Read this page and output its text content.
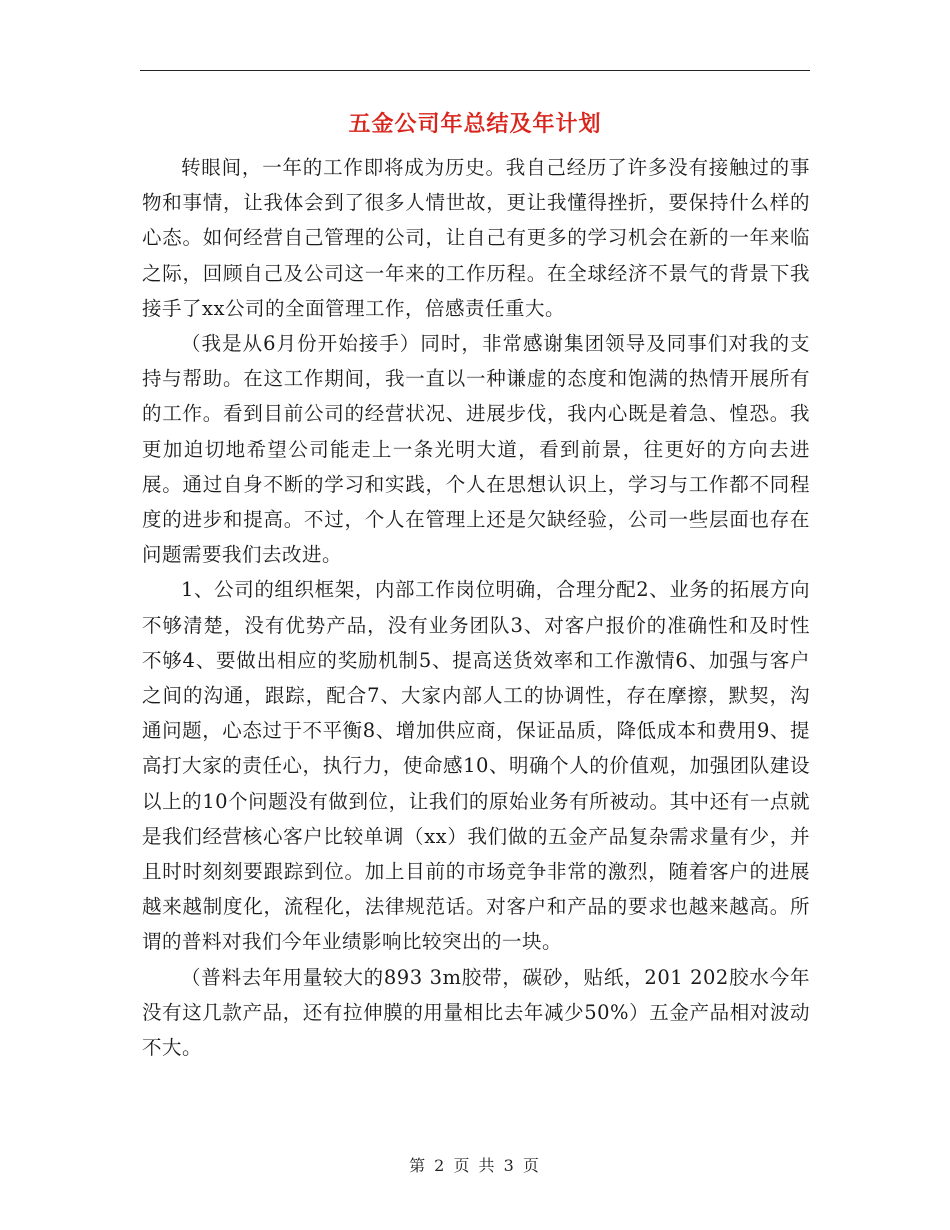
五金公司年总结及年计划

转眼间，一年的工作即将成为历史。我自己经历了许多没有接触过的事物和事情，让我体会到了很多人情世故，更让我懂得挫折，要保持什么样的心态。如何经营自己管理的公司，让自己有更多的学习机会在新的一年来临之际，回顾自己及公司这一年来的工作历程。在全球经济不景气的背景下我接手了xx公司的全面管理工作，倍感责任重大。

（我是从6月份开始接手）同时，非常感谢集团领导及同事们对我的支持与帮助。在这工作期间，我一直以一种谦虚的态度和饱满的热情开展所有的工作。看到目前公司的经营状况、进展步伐，我内心既是着急、惶恐。我更加迫切地希望公司能走上一条光明大道，看到前景，往更好的方向去进展。通过自身不断的学习和实践，个人在思想认识上，学习与工作都不同程度的进步和提高。不过，个人在管理上还是欠缺经验，公司一些层面也存在问题需要我们去改进。

1、公司的组织框架，内部工作岗位明确，合理分配2、业务的拓展方向不够清楚，没有优势产品，没有业务团队3、对客户报价的准确性和及时性不够4、要做出相应的奖励机制5、提高送货效率和工作激情6、加强与客户之间的沟通，跟踪，配合7、大家内部人工的协调性，存在摩擦，默契，沟通问题，心态过于不平衡8、增加供应商，保证品质，降低成本和费用9、提高打大家的责任心，执行力，使命感10、明确个人的价值观，加强团队建设以上的10个问题没有做到位，让我们的原始业务有所被动。其中还有一点就是我们经营核心客户比较单调（xx）我们做的五金产品复杂需求量有少，并且时时刻刻要跟踪到位。加上目前的市场竞争非常的激烈，随着客户的进展越来越制度化，流程化，法律规范话。对客户和产品的要求也越来越高。所谓的普料对我们今年业绩影响比较突出的一块。

（普料去年用量较大的893 3m胶带，碳砂，贴纸，201 202胶水今年没有这几款产品，还有拉伸膜的用量相比去年减少50%）五金产品相对波动不大。

第 2 页 共 3 页
